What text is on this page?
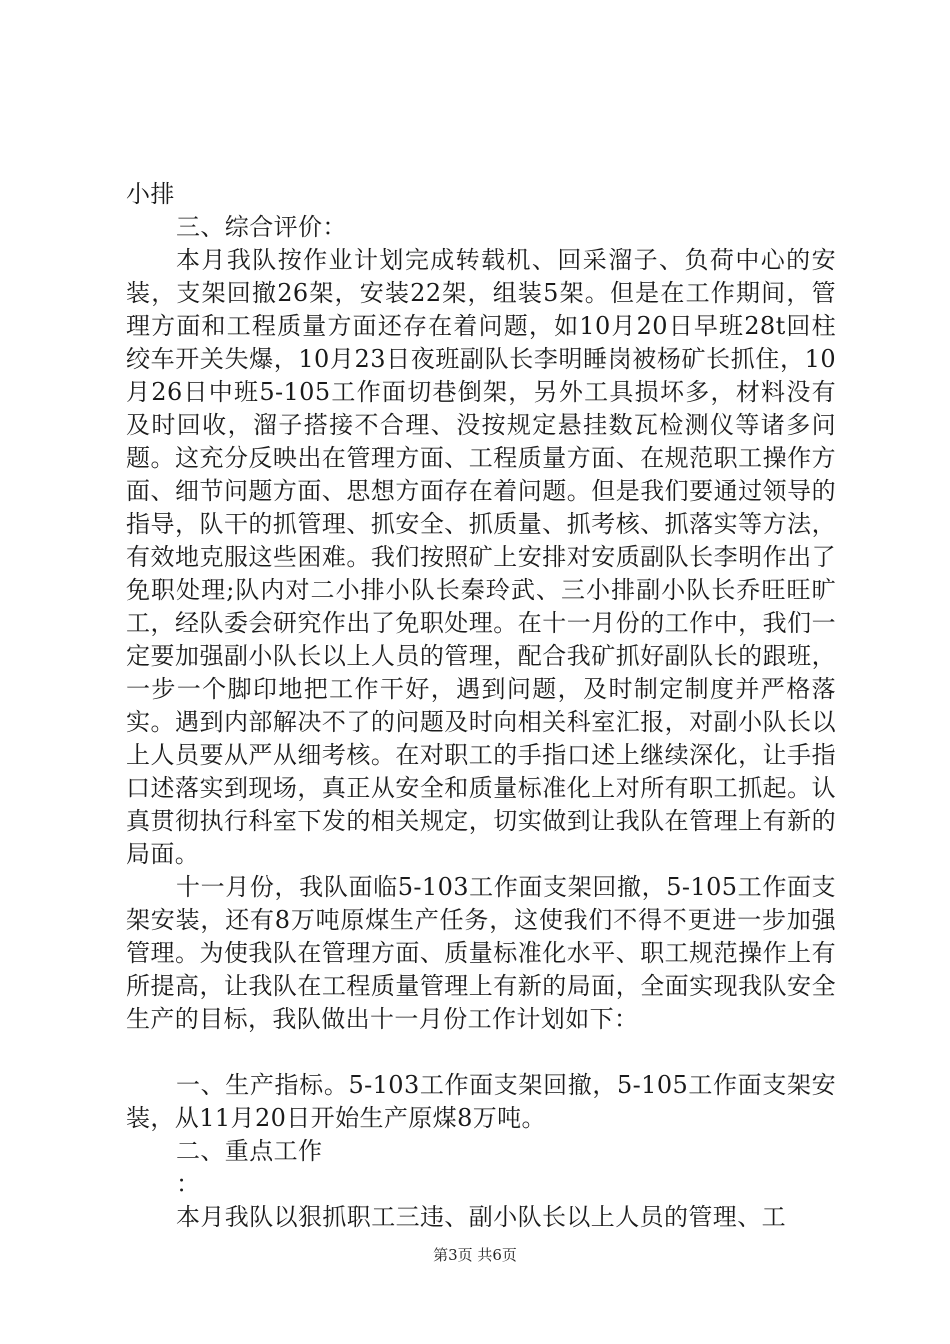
小排

三、综合评价：

本月我队按作业计划完成转载机、回采溜子、负荷中心的安装，支架回撤26架，安装22架，组装5架。但是在工作期间，管理方面和工程质量方面还存在着问题，如10月20日早班28t回柱绞车开关失爆，10月23日夜班副队长李明睡岗被杨矿长抓住，10月26日中班5-105工作面切巷倒架，另外工具损坏多，材料没有及时回收，溜子搭接不合理、没按规定悬挂数瓦检测仪等诸多问题。这充分反映出在管理方面、工程质量方面、在规范职工操作方面、细节问题方面、思想方面存在着问题。但是我们要通过领导的指导，队干的抓管理、抓安全、抓质量、抓考核、抓落实等方法，有效地克服这些困难。我们按照矿上安排对安质副队长李明作出了免职处理;队内对二小排小队长秦玲武、三小排副小队长乔旺旺旷工，经队委会研究作出了免职处理。在十一月份的工作中，我们一定要加强副小队长以上人员的管理，配合我矿抓好副队长的跟班，一步一个脚印地把工作干好，遇到问题，及时制定制度并严格落实。遇到内部解决不了的问题及时向相关科室汇报，对副小队长以上人员要从严从细考核。在对职工的手指口述上继续深化，让手指口述落实到现场，真正从安全和质量标准化上对所有职工抓起。认真贯彻执行科室下发的相关规定，切实做到让我队在管理上有新的局面。

十一月份，我队面临5-103工作面支架回撤，5-105工作面支架安装，还有8万吨原煤生产任务，这使我们不得不更进一步加强管理。为使我队在管理方面、质量标准化水平、职工规范操作上有所提高，让我队在工程质量管理上有新的局面，全面实现我队安全生产的目标，我队做出十一月份工作计划如下：

一、生产指标。5-103工作面支架回撤，5-105工作面支架安装，从11月20日开始生产原煤8万吨。

二、重点工作

：

本月我队以狠抓职工三违、副小队长以上人员的管理、工

第3页 共6页
